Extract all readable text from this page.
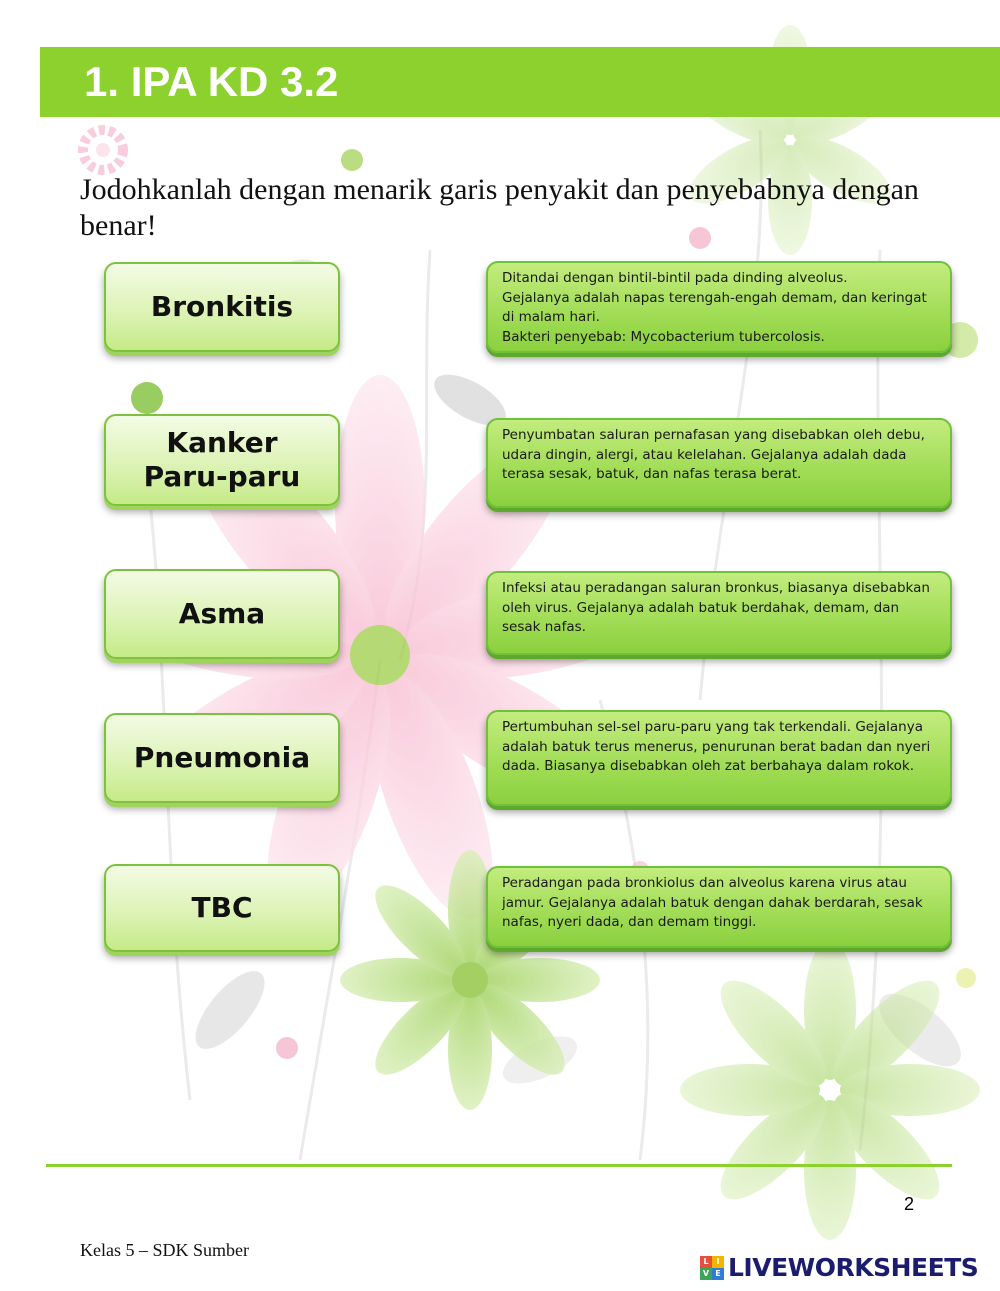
1. IPA KD 3.2
Jodohkanlah dengan menarik garis penyakit dan penyebabnya dengan benar!
Bronkitis
Kanker
Paru-paru
Asma
Pneumonia
TBC
Ditandai dengan bintil-bintil pada dinding alveolus.
Gejalanya adalah napas terengah-engah demam, dan keringat di malam hari.
Bakteri penyebab: Mycobacterium tubercolosis.
Penyumbatan saluran pernafasan yang disebabkan oleh debu, udara dingin, alergi, atau kelelahan. Gejalanya adalah dada terasa sesak, batuk, dan nafas terasa berat.
Infeksi atau peradangan saluran bronkus, biasanya disebabkan oleh virus. Gejalanya adalah batuk berdahak, demam, dan sesak nafas.
Pertumbuhan sel-sel paru-paru yang tak terkendali. Gejalanya adalah batuk terus menerus, penurunan berat badan dan nyeri dada. Biasanya disebabkan oleh zat berbahaya dalam rokok.
Peradangan pada bronkiolus dan alveolus karena virus atau jamur. Gejalanya adalah batuk dengan dahak berdarah, sesak nafas, nyeri dada, dan demam tinggi.
2
Kelas 5 – SDK Sumber
L I
V E LIVEWORKSHEETS
